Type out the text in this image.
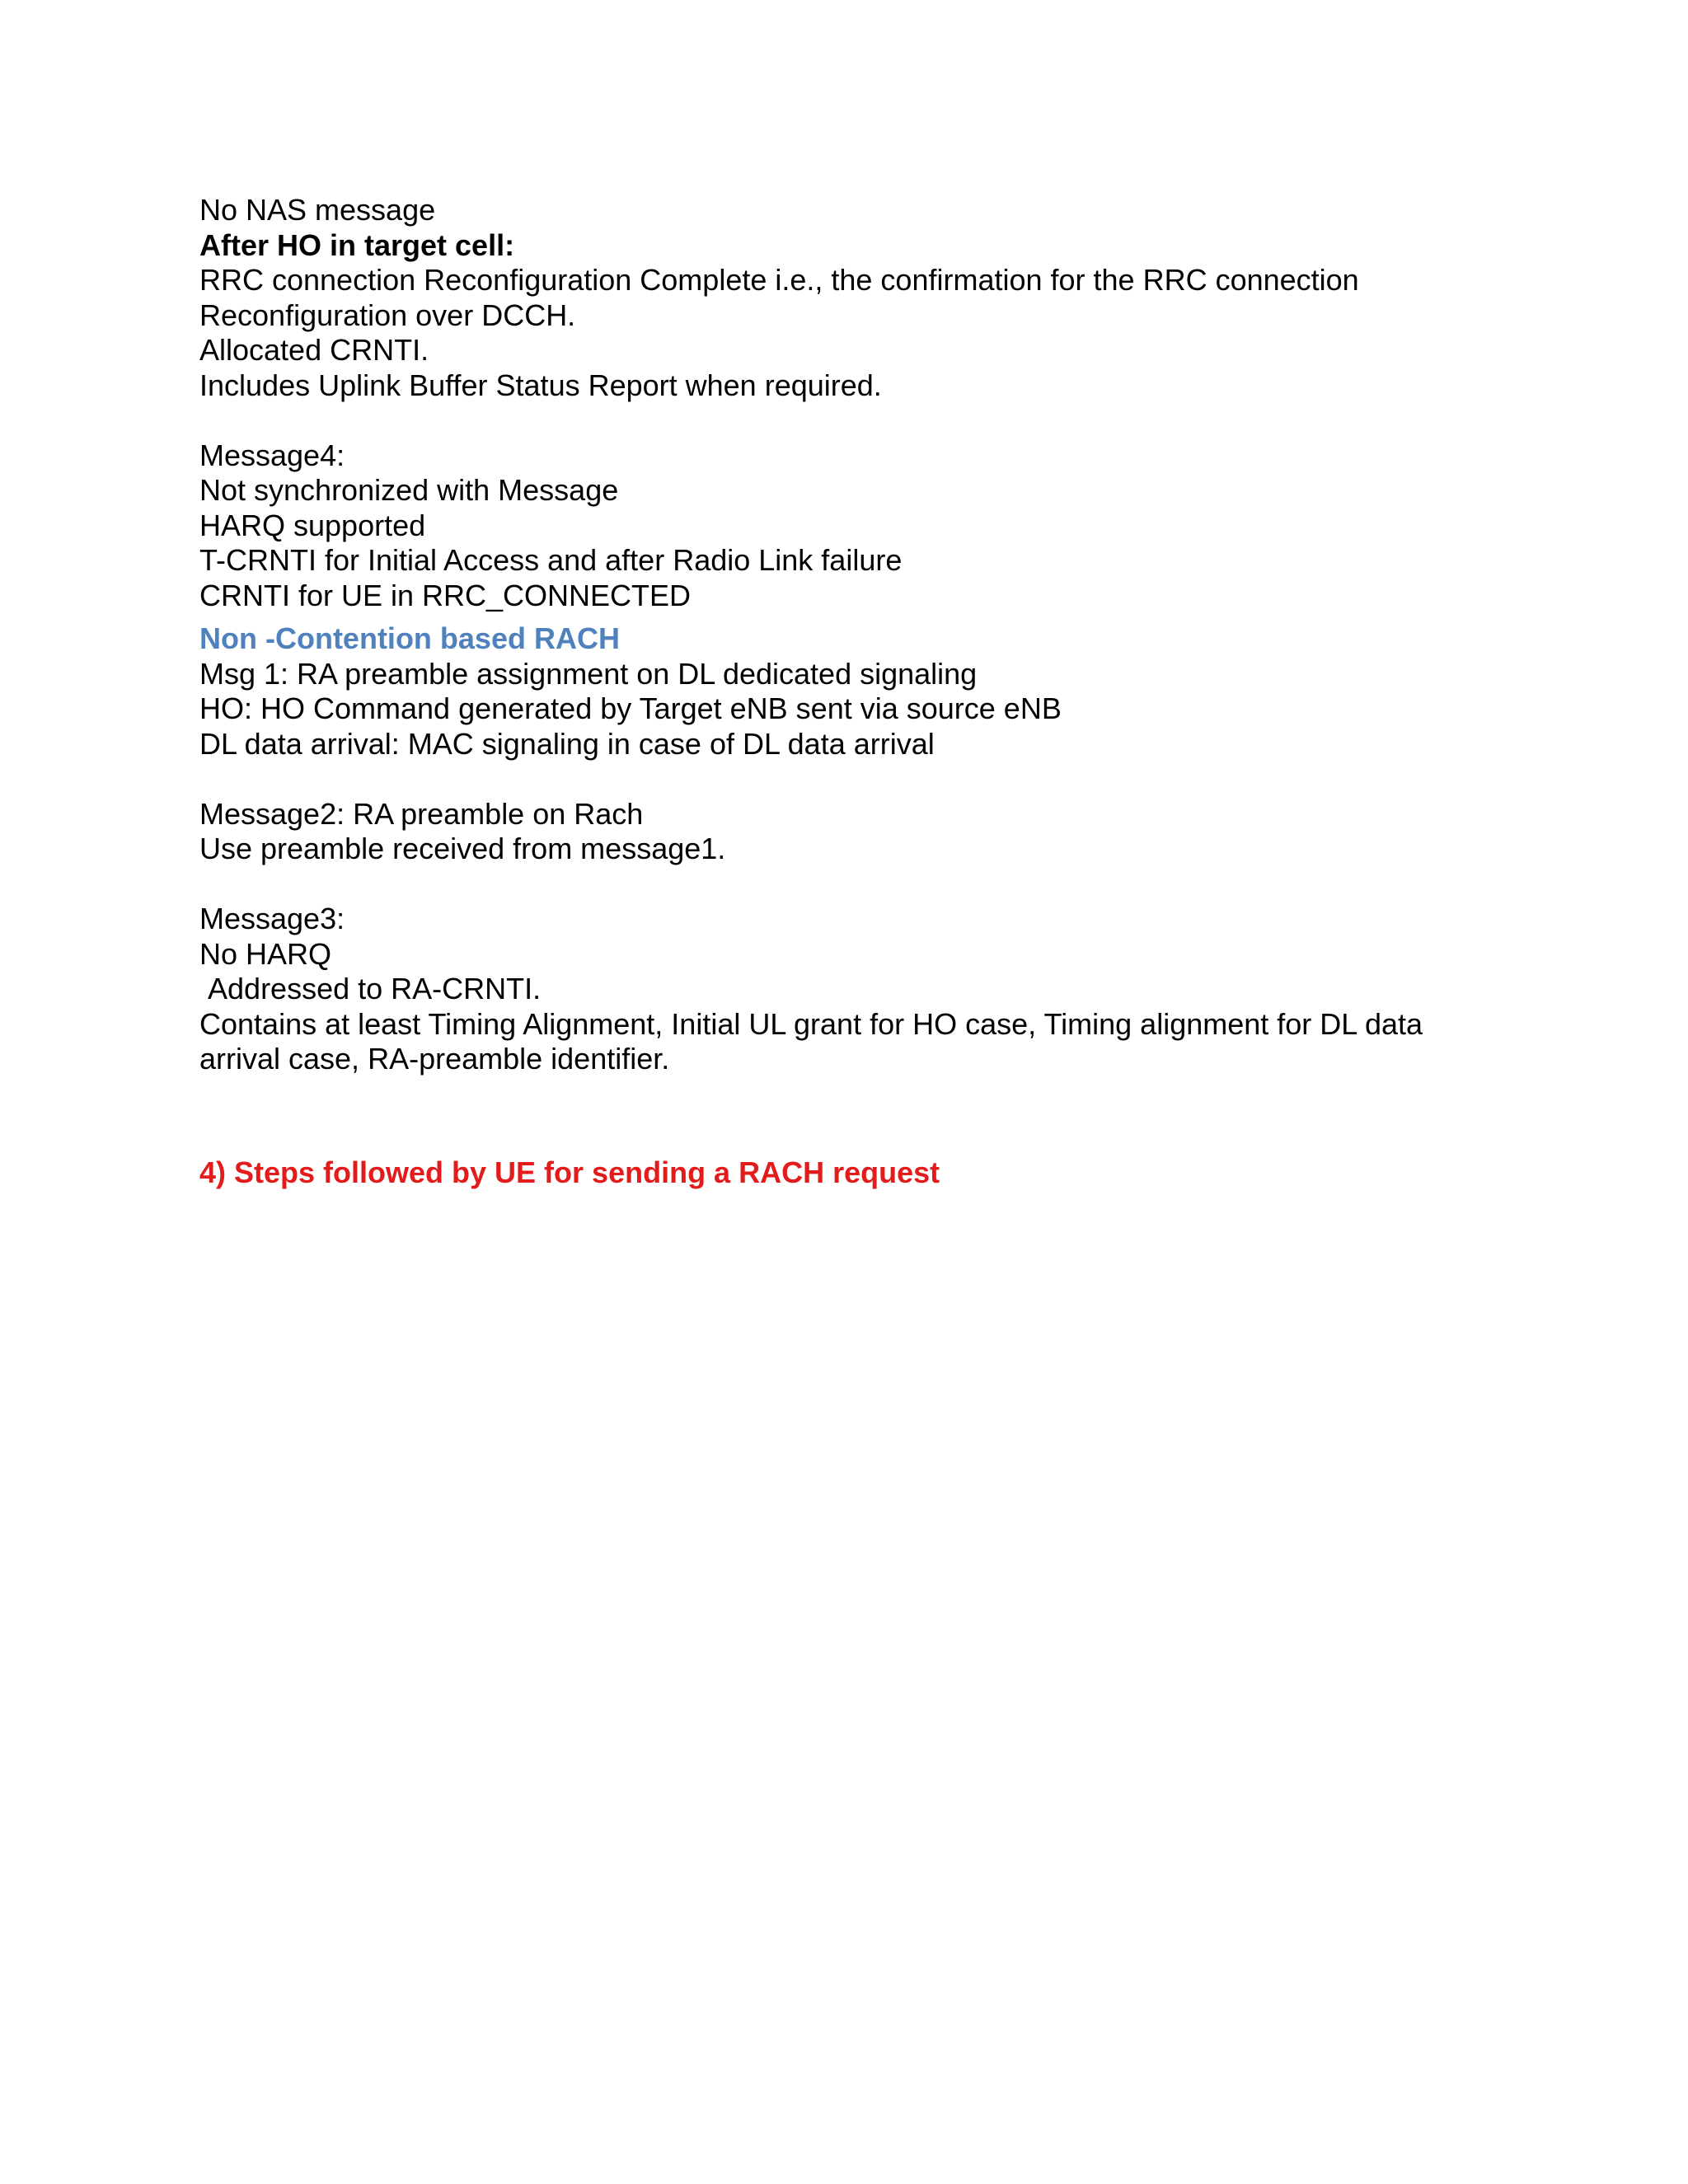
No NAS message
After HO in target cell:
RRC connection Reconfiguration Complete i.e., the confirmation for the RRC connection
Reconfiguration over DCCH.
Allocated CRNTI.
Includes Uplink Buffer Status Report when required.
Message4:
Not synchronized with Message
HARQ supported
T-CRNTI for Initial Access and after Radio Link failure
CRNTI for UE in RRC_CONNECTED
Non -Contention based RACH
Msg 1: RA preamble assignment on DL dedicated signaling
HO: HO Command generated by Target eNB sent via source eNB
DL data arrival: MAC signaling in case of DL data arrival
Message2: RA preamble on Rach
Use preamble received from message1.
Message3:
No HARQ
Addressed to RA-CRNTI.
Contains at least Timing Alignment, Initial UL grant for HO case, Timing alignment for DL data
arrival case, RA-preamble identifier.
4) Steps followed by UE for sending a RACH request
